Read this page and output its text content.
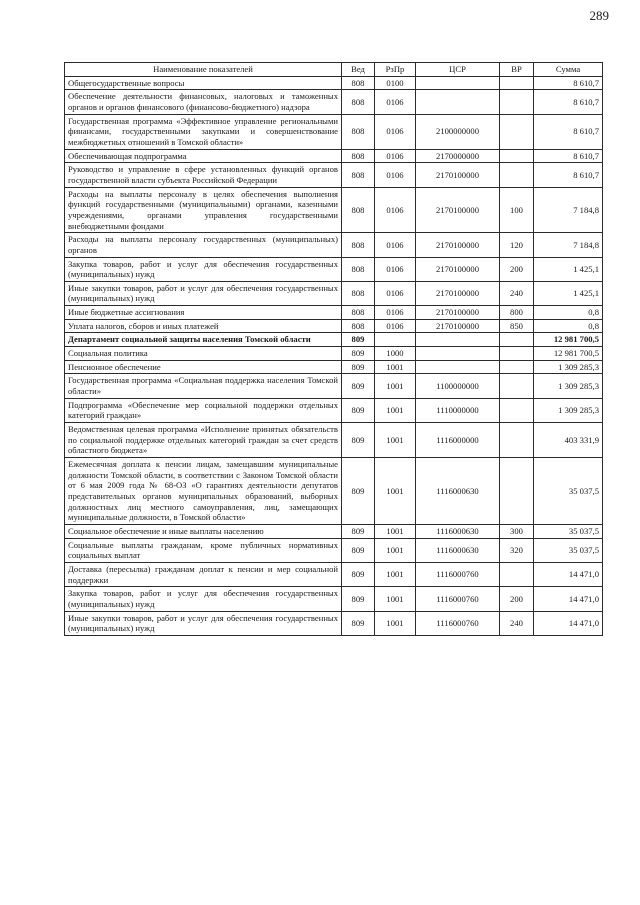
289
Наименование показателей	Вед	РзПр	ЦСР	ВР	Сумма
Общегосударственные вопросы	808	0100			8 610,7
Обеспечение деятельности финансовых, налоговых и таможенных органов и органов финансового (финансово-бюджетного) надзора	808	0106			8 610,7
Государственная программа «Эффективное управление региональными финансами, государственными закупками и совершенствование межбюджетных отношений в Томской области»	808	0106	2100000000		8 610,7
Обеспечивающая подпрограмма	808	0106	2170000000		8 610,7
Руководство и управление в сфере установленных функций органов государственной власти субъекта Российской Федерации	808	0106	2170100000		8 610,7
Расходы на выплаты персоналу в целях обеспечения выполнения функций государственными (муниципальными) органами, казенными учреждениями, органами управления государственными внебюджетными фондами	808	0106	2170100000	100	7 184,8
Расходы на выплаты персоналу государственных (муниципальных) органов	808	0106	2170100000	120	7 184,8
Закупка товаров, работ и услуг для обеспечения государственных (муниципальных) нужд	808	0106	2170100000	200	1 425,1
Иные закупки товаров, работ и услуг для обеспечения государственных (муниципальных) нужд	808	0106	2170100000	240	1 425,1
Иные бюджетные ассигнования	808	0106	2170100000	800	0,8
Уплата налогов, сборов и иных платежей	808	0106	2170100000	850	0,8
Департамент социальной защиты населения Томской области	809				12 981 700,5
Социальная политика	809	1000			12 981 700,5
Пенсионное обеспечение	809	1001			1 309 285,3
Государственная программа «Социальная поддержка населения Томской области»	809	1001	1100000000		1 309 285,3
Подпрограмма «Обеспечение мер социальной поддержки отдельных категорий граждан»	809	1001	1110000000		1 309 285,3
Ведомственная целевая программа «Исполнение принятых обязательств по социальной поддержке отдельных категорий граждан за счет средств областного бюджета»	809	1001	1116000000		403 331,9
Ежемесячная доплата к пенсии лицам, замещавшим муниципальные должности Томской области, в соответствии с Законом Томской области от 6 мая 2009 года № 68-ОЗ «О гарантиях деятельности депутатов представительных органов муниципальных образований, выборных должностных лиц местного самоуправления, лиц, замещающих муниципальные должности, в Томской области»	809	1001	1116000630		35 037,5
Социальное обеспечение и иные выплаты населению	809	1001	1116000630	300	35 037,5
Социальные выплаты гражданам, кроме публичных нормативных социальных выплат	809	1001	1116000630	320	35 037,5
Доставка (пересылка) гражданам доплат к пенсии и мер социальной поддержки	809	1001	1116000760		14 471,0
Закупка товаров, работ и услуг для обеспечения государственных (муниципальных) нужд	809	1001	1116000760	200	14 471,0
Иные закупки товаров, работ и услуг для обеспечения государственных (муниципальных) нужд	809	1001	1116000760	240	14 471,0
